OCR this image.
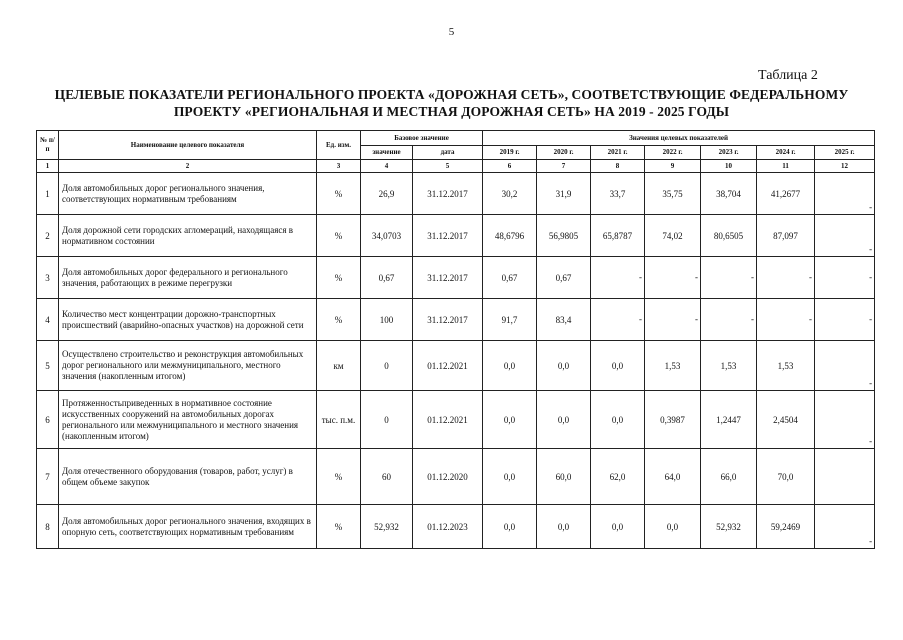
5
Таблица 2
ЦЕЛЕВЫЕ ПОКАЗАТЕЛИ РЕГИОНАЛЬНОГО ПРОЕКТА «ДОРОЖНАЯ СЕТЬ», СООТВЕТСТВУЮЩИЕ ФЕДЕРАЛЬНОМУ
ПРОЕКТУ «РЕГИОНАЛЬНАЯ И МЕСТНАЯ ДОРОЖНАЯ СЕТЬ» НА 2019 - 2025 ГОДЫ
№ п/п	Наименование целевого показателя	Ед. изм.	Базовое значение		Значения целевых показателей						
			значение	дата	2019 г.	2020 г.	2021 г.	2022 г.	2023 г.	2024 г.	2025 г.
1	2	3	4	5	6	7	8	9	10	11	12
1	Доля автомобильных дорог регионального значения, соответствующих нормативным требованиям	%	26,9	31.12.2017	30,2	31,9	33,7	35,75	38,704	41,2677	-

2	Доля дорожной сети городских агломераций, находящаяся в нормативном состоянии	%	34,0703	31.12.2017	48,6796	56,9805	65,8787	74,02	80,6505	87,097	-

3	Доля автомобильных дорог федерального и регионального значения, работающих в режиме перегрузки	%	0,67	31.12.2017	0,67	0,67	-	-	-	-	-

4	Количество мест концентрации дорожно-транспортных происшествий (аварийно-опасных участков) на дорожной сети	%	100	31.12.2017	91,7	83,4	-	-	-	-	-

5	Осуществлено строительство и реконструкция автомобильных дорог регионального или межмуниципального, местного значения (накопленным итогом)	км	0	01.12.2021	0,0	0,0	0,0	1,53	1,53	1,53	-

6	Протяженностьприведенных в нормативное состояние искусственных сооружений на автомобильных дорогах регионального или межмуниципального и местного значения (накопленным итогом)	тыс. п.м.	0	01.12.2021	0,0	0,0	0,0	0,3987	1,2447	2,4504	-

7	Доля отечественного оборудования (товаров, работ, услуг) в общем объеме закупок	%	60	01.12.2020	0,0	60,0	62,0	64,0	66,0	70,0	
8	Доля автомобильных дорог регионального значения, входящих в опорную сеть, соответствующих нормативным требованиям	%	52,932	01.12.2023	0,0	0,0	0,0	0,0	52,932	59,2469	-
